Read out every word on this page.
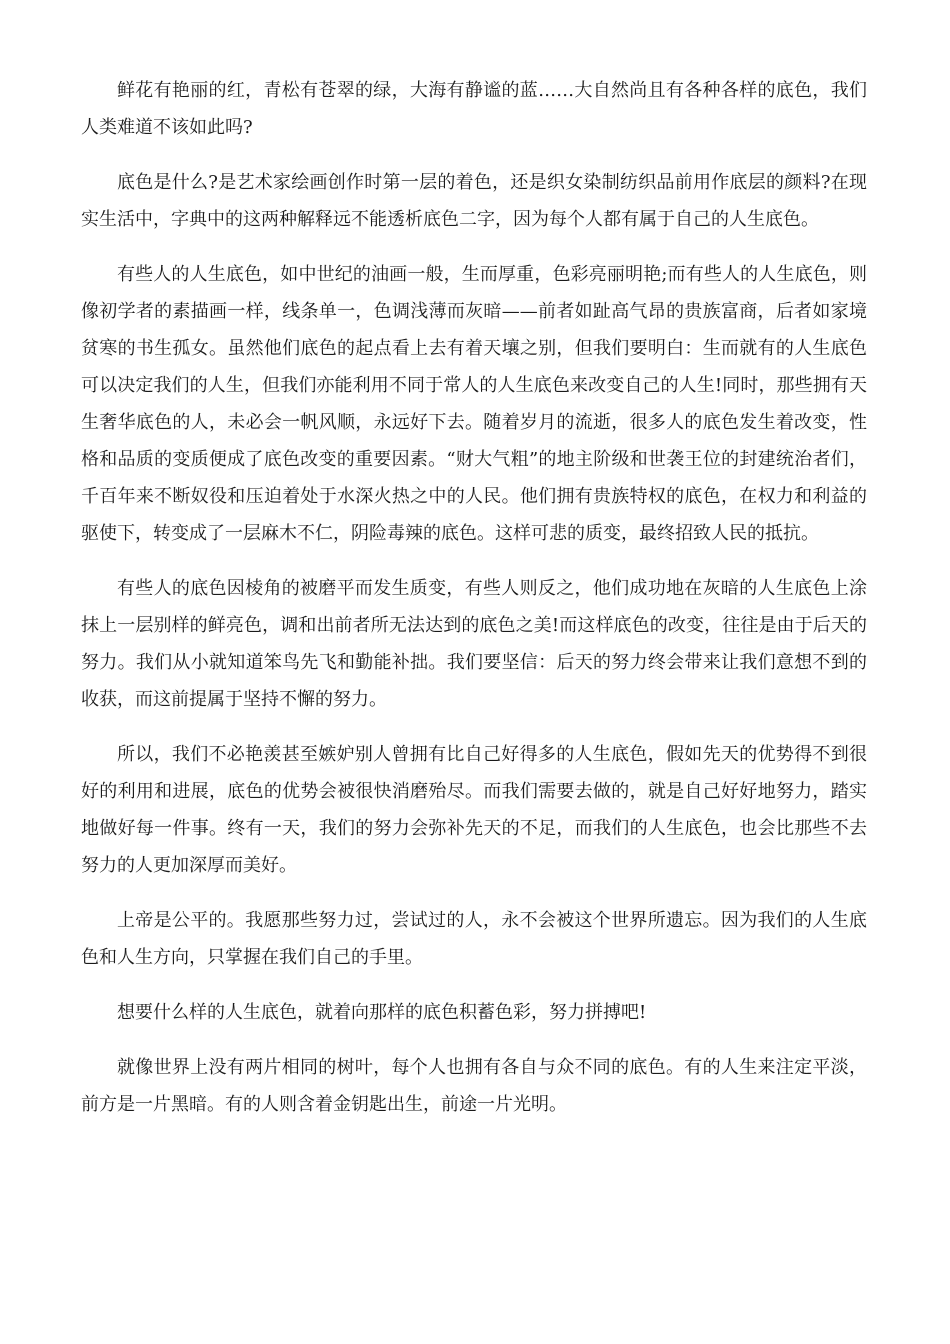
鲜花有艳丽的红，青松有苍翠的绿，大海有静谧的蓝……大自然尚且有各种各样的底色，我们人类难道不该如此吗?

底色是什么?是艺术家绘画创作时第一层的着色，还是织女染制纺织品前用作底层的颜料?在现实生活中，字典中的这两种解释远不能透析底色二字，因为每个人都有属于自己的人生底色。

有些人的人生底色，如中世纪的油画一般，生而厚重，色彩亮丽明艳;而有些人的人生底色，则像初学者的素描画一样，线条单一，色调浅薄而灰暗——前者如趾高气昂的贵族富商，后者如家境贫寒的书生孤女。虽然他们底色的起点看上去有着天壤之别，但我们要明白：生而就有的人生底色可以决定我们的人生，但我们亦能利用不同于常人的人生底色来改变自己的人生!同时，那些拥有天生奢华底色的人，未必会一帆风顺，永远好下去。随着岁月的流逝，很多人的底色发生着改变，性格和品质的变质便成了底色改变的重要因素。“财大气粗”的地主阶级和世袭王位的封建统治者们，千百年来不断奴役和压迫着处于水深火热之中的人民。他们拥有贵族特权的底色，在权力和利益的驱使下，转变成了一层麻木不仁，阴险毒辣的底色。这样可悲的质变，最终招致人民的抵抗。

有些人的底色因棱角的被磨平而发生质变，有些人则反之，他们成功地在灰暗的人生底色上涂抹上一层别样的鲜亮色，调和出前者所无法达到的底色之美!而这样底色的改变，往往是由于后天的努力。我们从小就知道笨鸟先飞和勤能补拙。我们要坚信：后天的努力终会带来让我们意想不到的收获，而这前提属于坚持不懈的努力。

所以，我们不必艳羡甚至嫉妒别人曾拥有比自己好得多的人生底色，假如先天的优势得不到很好的利用和进展，底色的优势会被很快消磨殆尽。而我们需要去做的，就是自己好好地努力，踏实地做好每一件事。终有一天，我们的努力会弥补先天的不足，而我们的人生底色，也会比那些不去努力的人更加深厚而美好。

上帝是公平的。我愿那些努力过，尝试过的人，永不会被这个世界所遗忘。因为我们的人生底色和人生方向，只掌握在我们自己的手里。

想要什么样的人生底色，就着向那样的底色积蓄色彩，努力拼搏吧!

就像世界上没有两片相同的树叶，每个人也拥有各自与众不同的底色。有的人生来注定平淡，前方是一片黑暗。有的人则含着金钥匙出生，前途一片光明。
